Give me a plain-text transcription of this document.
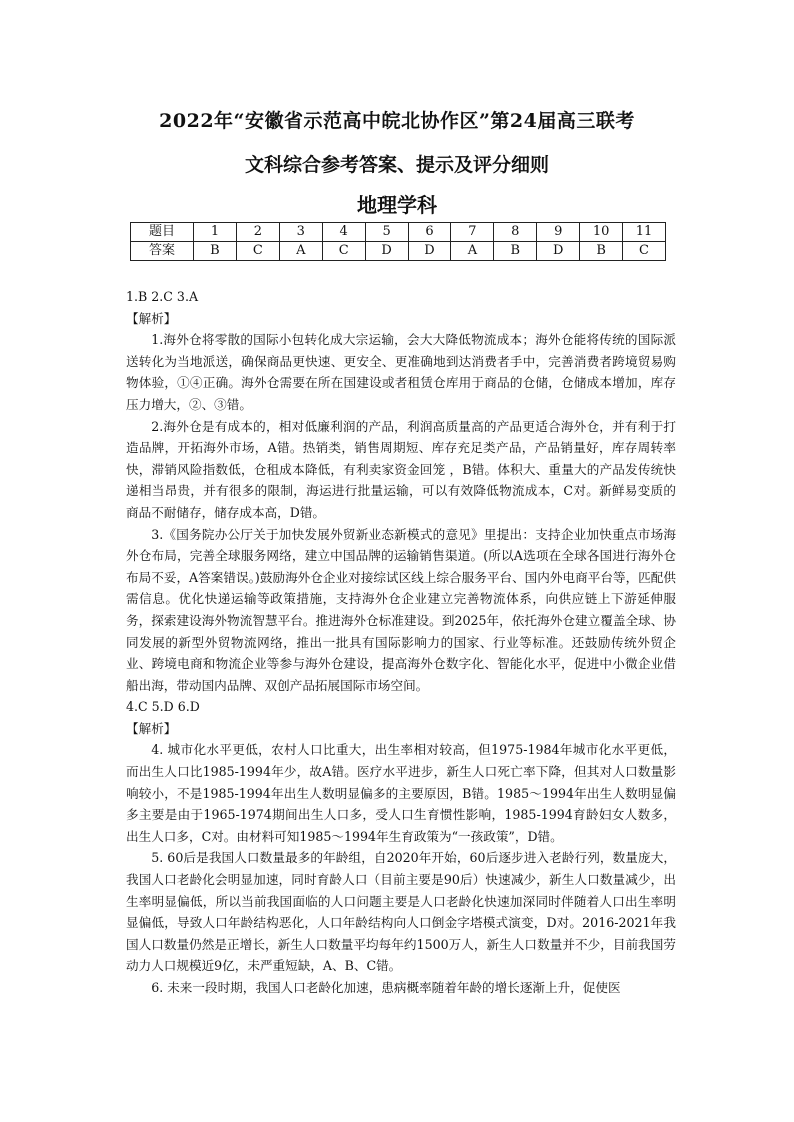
2022年“安徽省示范高中皖北协作区”第24届高三联考
文科综合参考答案、提示及评分细则
地理学科
题目	1	2	3	4	5	6	7	8	9	10	11
答案	B	C	A	C	D	D	A	B	D	B	C

1.B 2.C 3.A

【解析】

1.海外仓将零散的国际小包转化成大宗运输，会大大降低物流成本；海外仓能将传统的国际派送转化为当地派送，确保商品更快速、更安全、更准确地到达消费者手中，完善消费者跨境贸易购物体验，①④正确。海外仓需要在所在国建设或者租赁仓库用于商品的仓储，仓储成本增加，库存压力增大，②、③错。

2.海外仓是有成本的，相对低廉利润的产品，利润高质量高的产品更适合海外仓，并有利于打造品牌，开拓海外市场，A错。热销类，销售周期短、库存充足类产品，产品销量好，库存周转率快，滞销风险指数低，仓租成本降低，有利卖家资金回笼 ，B错。体积大、重量大的产品发传统快递相当昂贵，并有很多的限制，海运进行批量运输，可以有效降低物流成本，C对。新鲜易变质的商品不耐储存，储存成本高，D错。

3.《国务院办公厅关于加快发展外贸新业态新模式的意见》里提出：支持企业加快重点市场海外仓布局，完善全球服务网络，建立中国品牌的运输销售渠道。(所以A选项在全球各国进行海外仓布局不妥，A答案错误。)鼓励海外仓企业对接综试区线上综合服务平台、国内外电商平台等，匹配供需信息。优化快递运输等政策措施，支持海外仓企业建立完善物流体系，向供应链上下游延伸服务，探索建设海外物流智慧平台。推进海外仓标准建设。到2025年，依托海外仓建立覆盖全球、协同发展的新型外贸物流网络，推出一批具有国际影响力的国家、行业等标准。还鼓励传统外贸企业、跨境电商和物流企业等参与海外仓建设，提高海外仓数字化、智能化水平，促进中小微企业借船出海，带动国内品牌、双创产品拓展国际市场空间。

4.C 5.D 6.D

【解析】

4. 城市化水平更低，农村人口比重大，出生率相对较高，但1975-1984年城市化水平更低，而出生人口比1985-1994年少，故A错。医疗水平进步，新生人口死亡率下降，但其对人口数量影响较小，不是1985-1994年出生人数明显偏多的主要原因，B错。1985～1994年出生人数明显偏多主要是由于1965-1974期间出生人口多，受人口生育惯性影响，1985-1994育龄妇女人数多，出生人口多，C对。由材料可知1985～1994年生育政策为“一孩政策”，D错。

5. 60后是我国人口数量最多的年龄组，自2020年开始，60后逐步进入老龄行列，数量庞大，我国人口老龄化会明显加速，同时育龄人口（目前主要是90后）快速减少，新生人口数量减少，出生率明显偏低，所以当前我国面临的人口问题主要是人口老龄化快速加深同时伴随着人口出生率明显偏低，导致人口年龄结构恶化，人口年龄结构向人口倒金字塔模式演变，D对。2016-2021年我国人口数量仍然是正增长，新生人口数量平均每年约1500万人，新生人口数量并不少，目前我国劳动力人口规模近9亿，未严重短缺，A、B、C错。

6. 未来一段时期，我国人口老龄化加速，患病概率随着年龄的增长逐渐上升，促使医
